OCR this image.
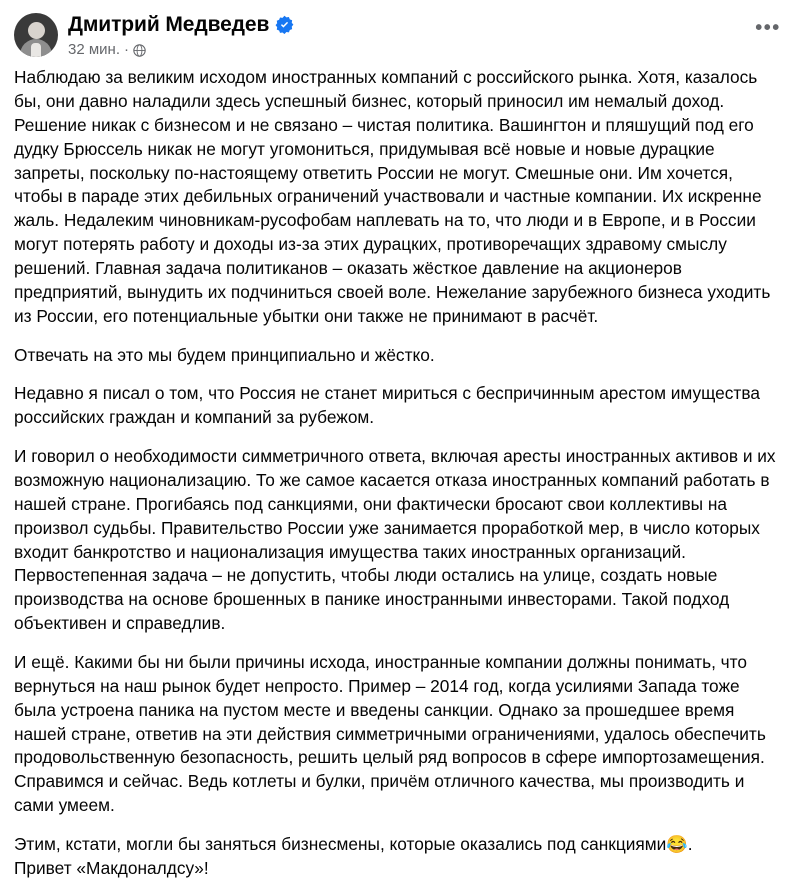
Дмитрий Медведев
32 мин. ·
•••

Наблюдаю за великим исходом иностранных компаний с российского рынка. Хотя, казалось бы, они давно наладили здесь успешный бизнес, который приносил им немалый доход. Решение никак с бизнесом и не связано – чистая политика. Вашингтон и пляшущий под его дудку Брюссель никак не могут угомониться, придумывая всё новые и новые дурацкие запреты, поскольку по-настоящему ответить России не могут. Смешные они. Им хочется, чтобы в параде этих дебильных ограничений участвовали и частные компании. Их искренне жаль. Недалеким чиновникам-русофобам наплевать на то, что люди и в Европе, и в России могут потерять работу и доходы из-за этих дурацких, противоречащих здравому смыслу решений. Главная задача политиканов – оказать жёсткое давление на акционеров предприятий, вынудить их подчиниться своей воле. Нежелание зарубежного бизнеса уходить из России, его потенциальные убытки они также не принимают в расчёт.

Отвечать на это мы будем принципиально и жёстко.

Недавно я писал о том, что Россия не станет мириться с беспричинным арестом имущества российских граждан и компаний за рубежом.

И говорил о необходимости симметричного ответа, включая аресты иностранных активов и их возможную национализацию. То же самое касается отказа иностранных компаний работать в нашей стране. Прогибаясь под санкциями, они фактически бросают свои коллективы на произвол судьбы. Правительство России уже занимается проработкой мер, в число которых входит банкротство и национализация имущества таких иностранных организаций. Первостепенная задача – не допустить, чтобы люди остались на улице, создать новые производства на основе брошенных в панике иностранными инвесторами. Такой подход объективен и справедлив.

И ещё. Какими бы ни были причины исхода, иностранные компании должны понимать, что вернуться на наш рынок будет непросто. Пример – 2014 год, когда усилиями Запада тоже была устроена паника на пустом месте и введены санкции. Однако за прошедшее время нашей стране, ответив на эти действия симметричными ограничениями, удалось обеспечить продовольственную безопасность, решить целый ряд вопросов в сфере импортозамещения. Справимся и сейчас. Ведь котлеты и булки, причём отличного качества, мы производить и сами умеем.

Этим, кстати, могли бы заняться бизнесмены, которые оказались под санкциями😂.

Привет «Макдоналдсу»!
